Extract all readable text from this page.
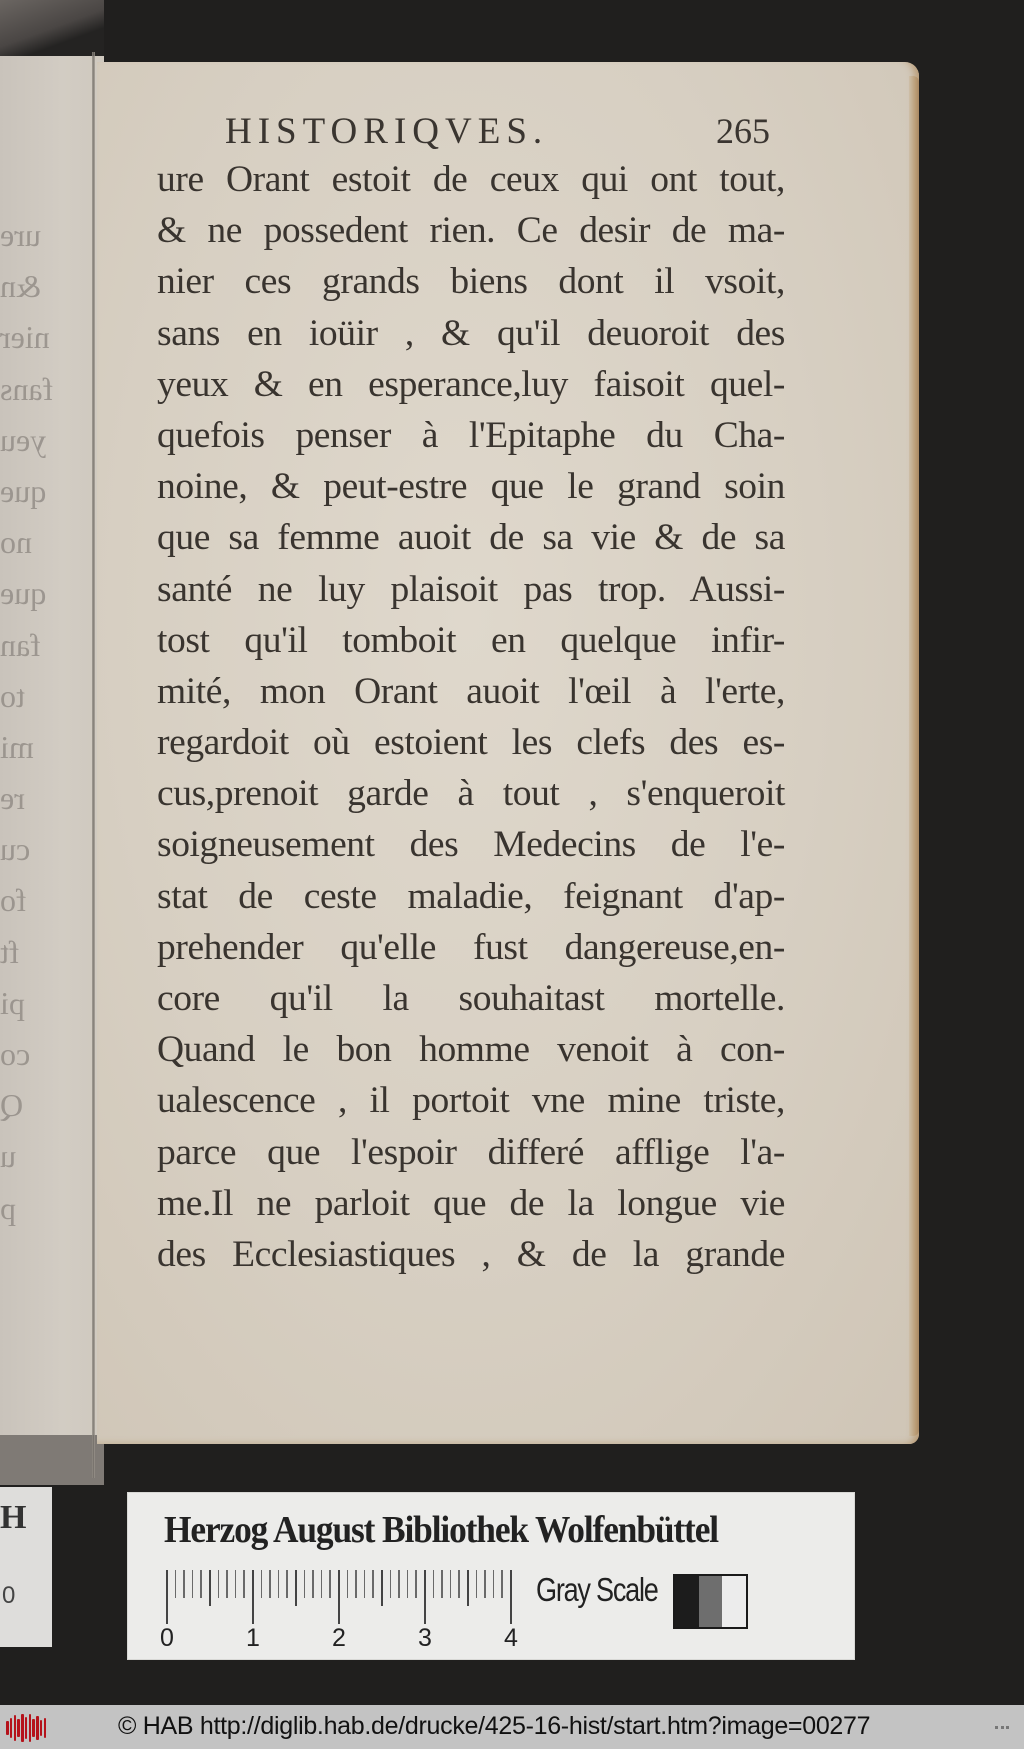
ure
&n
nier
fans
yeu
que
no
que
fan
to
mi
re
cu
fo
ft
pi
co
Q
u
p
HISTORIQVES.	265
ure Orant estoit de ceux qui ont tout,
& ne possedent rien. Ce desir de ma-
nier ces grands biens dont il vsoit,
sans en ioüir , & qu'il deuoroit des
yeux & en esperance,luy faisoit quel-
quefois penser à l'Epitaphe du Cha-
noine, & peut-estre que le grand soin
que sa femme auoit de sa vie & de sa
santé ne luy plaisoit pas trop. Aussi-
tost qu'il tomboit en quelque infir-
mité, mon Orant auoit l'œil à l'erte,
regardoit où estoient les clefs des es-
cus,prenoit garde à tout , s'enqueroit
soigneusement des Medecins de l'e-
stat de ceste maladie, feignant d'ap-
prehender qu'elle fust dangereuse,en-
core qu'il la souhaitast mortelle.
Quand le bon homme venoit à con-
ualescence , il portoit vne mine triste,
parce que l'espoir differé afflige l'a-
me.Il ne parloit que de la longue vie
des Ecclesiastiques , & de la grande
H
0
Herzog August Bibliothek Wolfenbüttel
0	1	2	3	4
Gray Scale
© HAB http://diglib.hab.de/drucke/425-16-hist/start.htm?image=00277
